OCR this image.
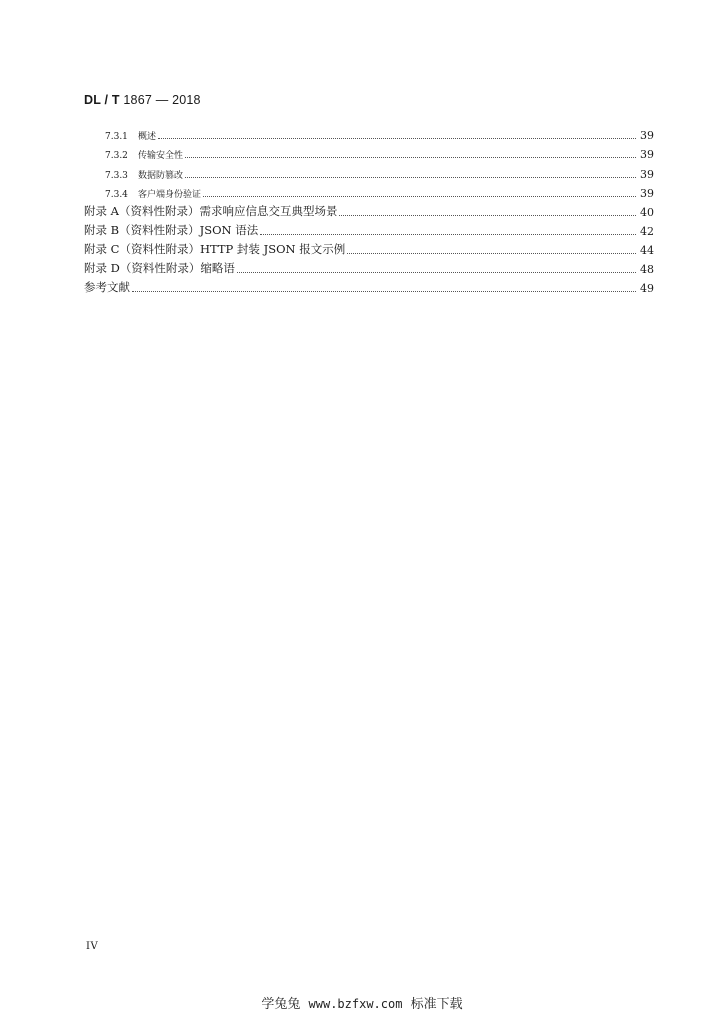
DL / T 1867 — 2018
7.3.1	概述	39
7.3.2	传输安全性	39
7.3.3	数据防篡改	39
7.3.4	客户端身份验证	39
附录 A（资料性附录）需求响应信息交互典型场景	40
附录 B（资料性附录）JSON 语法	42
附录 C（资料性附录）HTTP 封装 JSON 报文示例	44
附录 D（资料性附录）缩略语	48
参考文献	49
IV
学兔兔 www.bzfxw.com 标准下载
